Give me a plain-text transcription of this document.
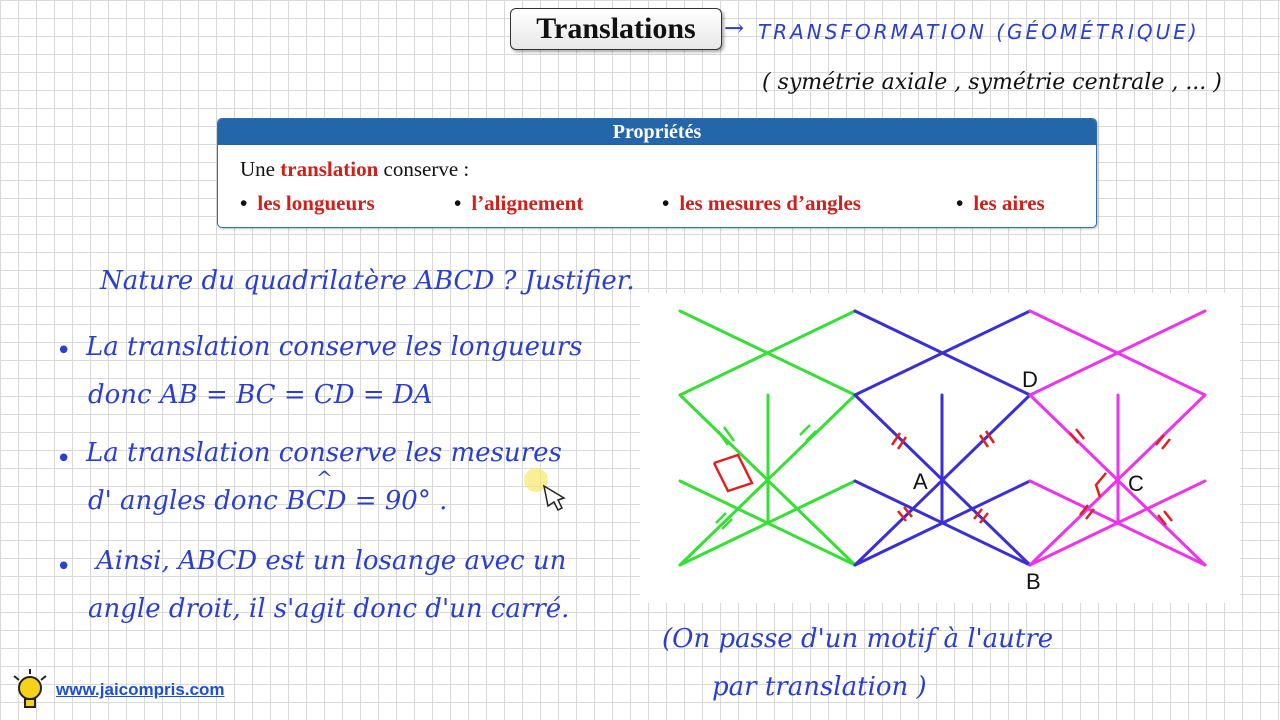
Translations	→ TRANSFORMATION (GÉOMÉTRIQUE)
( symétrie axiale , symétrie centrale , ... )
Propriétés
Une translation conserve :
• les longueurs	• l’alignement	• les mesures d’angles	• les aires
Nature du quadrilatère ABCD ? Justifier.
• La translation conserve les longueurs
donc AB = BC = CD = DA
• La translation conserve les mesures
d' angles donc BCD = 90° .
^
• Ainsi, ABCD est un losange avec un
angle droit, il s'agit donc d'un carré.
A
B
C
D
(On passe d'un motif à l'autre
par translation )
www.jaicompris.com
